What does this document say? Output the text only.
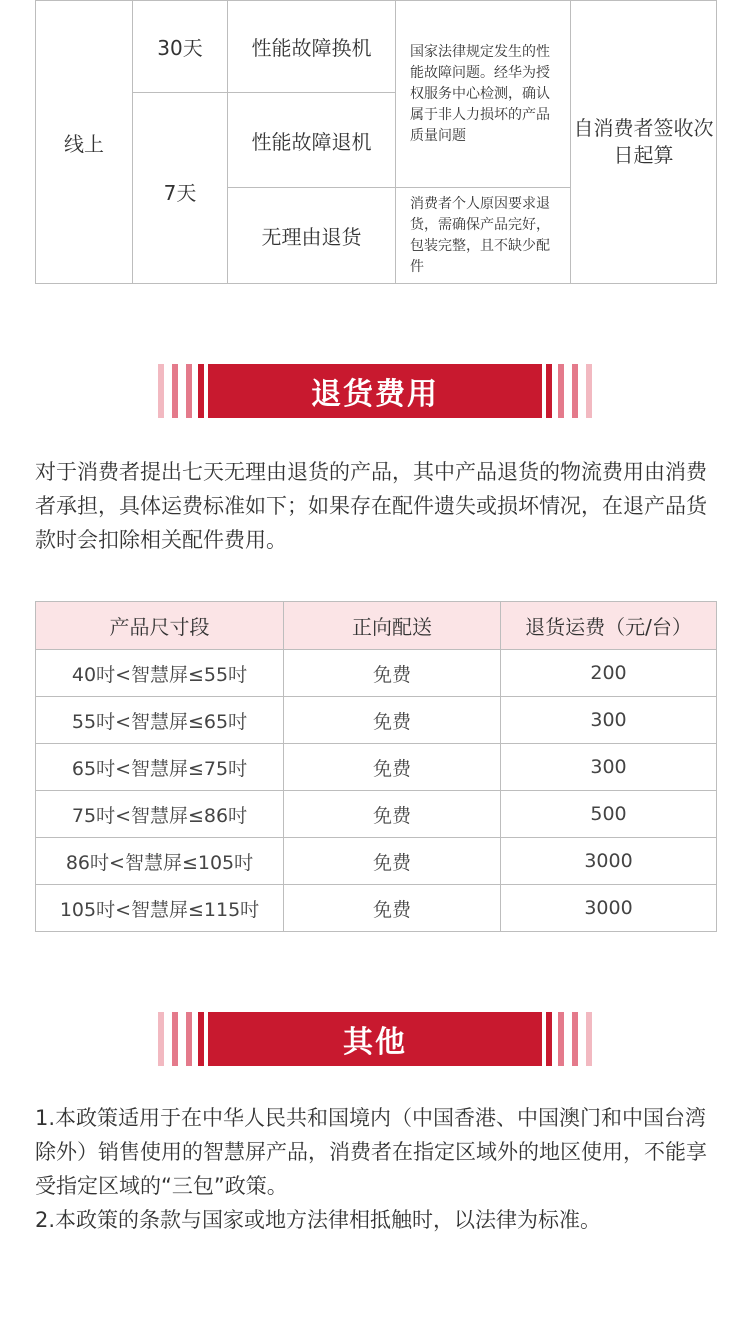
线上	30天	性能故障换机	国家法律规定发生的性能故障问题。经华为授权服务中心检测，确认属于非人力损坏的产品质量问题	自消费者签收次日起算
	7天	性能故障退机		
		无理由退货	消费者个人原因要求退货，需确保产品完好，包装完整，且不缺少配件	
退货费用

对于消费者提出七天无理由退货的产品，其中产品退货的物流费用由消费者承担，具体运费标准如下；如果存在配件遗失或损坏情况，在退产品货款时会扣除相关配件费用。

产品尺寸段	正向配送	退货运费（元/台）
40吋<智慧屏≤55吋	免费	200
55吋<智慧屏≤65吋	免费	300
65吋<智慧屏≤75吋	免费	300
75吋<智慧屏≤86吋	免费	500
86吋<智慧屏≤105吋	免费	3000
105吋<智慧屏≤115吋	免费	3000
其他

1.本政策适用于在中华人民共和国境内（中国香港、中国澳门和中国台湾除外）销售使用的智慧屏产品，消费者在指定区域外的地区使用，不能享受指定区域的“三包”政策。

2.本政策的条款与国家或地方法律相抵触时，以法律为标准。
